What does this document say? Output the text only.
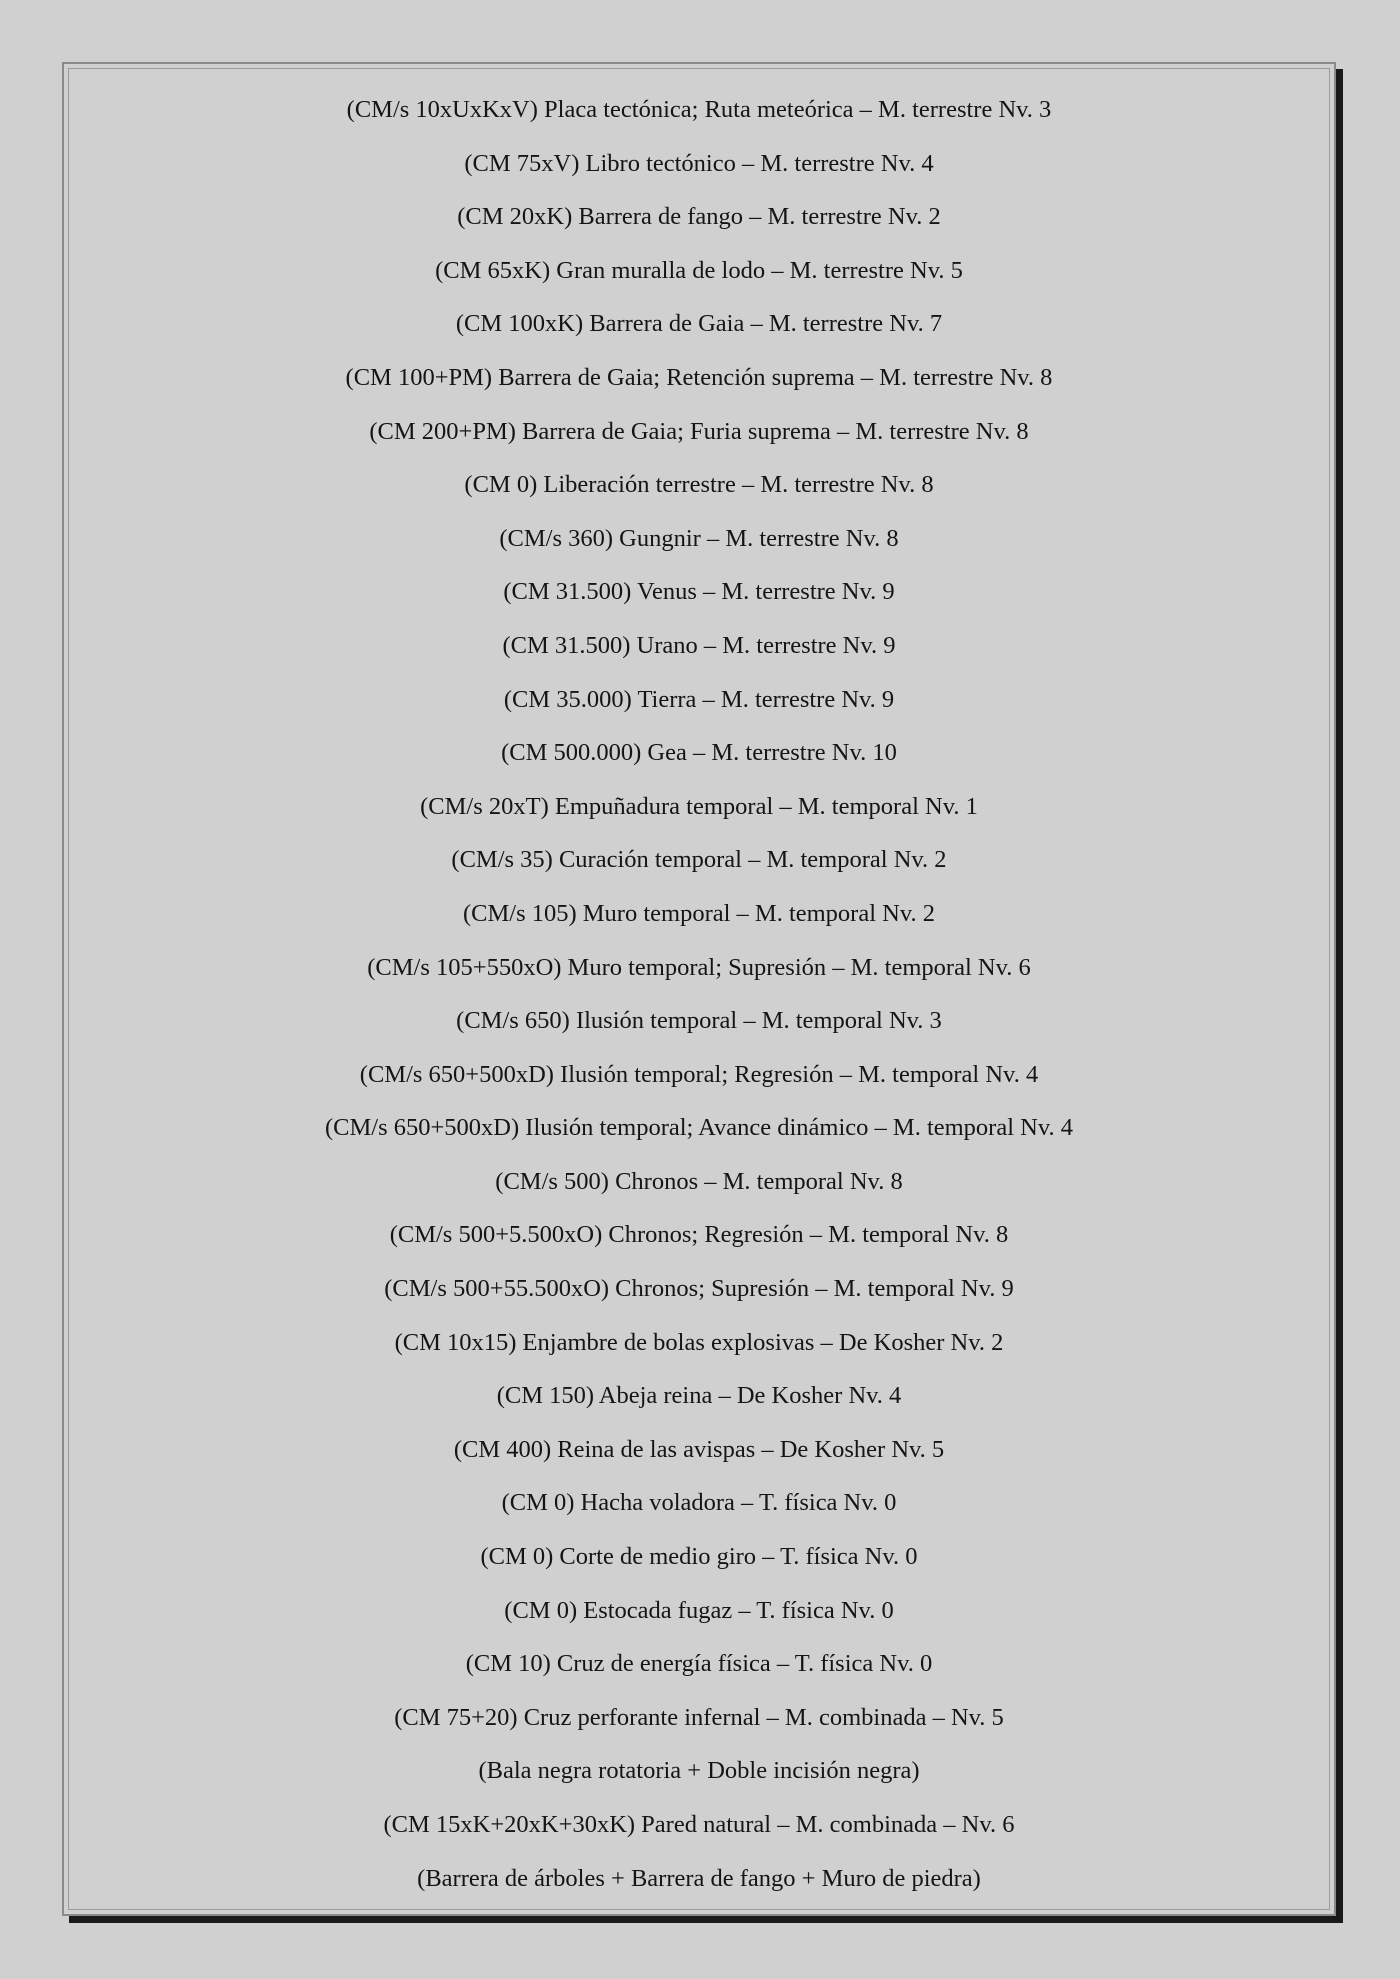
(CM/s 10xUxKxV) Placa tectónica; Ruta meteórica – M. terrestre Nv. 3
(CM 75xV) Libro tectónico – M. terrestre Nv. 4
(CM 20xK) Barrera de fango – M. terrestre Nv. 2
(CM 65xK) Gran muralla de lodo – M. terrestre Nv. 5
(CM 100xK) Barrera de Gaia – M. terrestre Nv. 7
(CM 100+PM) Barrera de Gaia; Retención suprema – M. terrestre Nv. 8
(CM 200+PM) Barrera de Gaia; Furia suprema – M. terrestre Nv. 8
(CM 0) Liberación terrestre – M. terrestre Nv. 8
(CM/s 360) Gungnir – M. terrestre Nv. 8
(CM 31.500) Venus – M. terrestre Nv. 9
(CM 31.500) Urano – M. terrestre Nv. 9
(CM 35.000) Tierra – M. terrestre Nv. 9
(CM 500.000) Gea – M. terrestre Nv. 10
(CM/s 20xT) Empuñadura temporal – M. temporal Nv. 1
(CM/s 35) Curación temporal – M. temporal Nv. 2
(CM/s 105) Muro temporal – M. temporal Nv. 2
(CM/s 105+550xO) Muro temporal; Supresión – M. temporal Nv. 6
(CM/s 650) Ilusión temporal – M. temporal Nv. 3
(CM/s 650+500xD) Ilusión temporal; Regresión – M. temporal Nv. 4
(CM/s 650+500xD) Ilusión temporal; Avance dinámico – M. temporal Nv. 4
(CM/s 500) Chronos – M. temporal Nv. 8
(CM/s 500+5.500xO) Chronos; Regresión – M. temporal Nv. 8
(CM/s 500+55.500xO) Chronos; Supresión – M. temporal Nv. 9
(CM 10x15) Enjambre de bolas explosivas – De Kosher Nv. 2
(CM 150) Abeja reina – De Kosher Nv. 4
(CM 400) Reina de las avispas – De Kosher Nv. 5
(CM 0) Hacha voladora – T. física Nv. 0
(CM 0) Corte de medio giro – T. física Nv. 0
(CM 0) Estocada fugaz – T. física Nv. 0
(CM 10) Cruz de energía física – T. física Nv. 0
(CM 75+20) Cruz perforante infernal – M. combinada – Nv. 5
(Bala negra rotatoria + Doble incisión negra)
(CM 15xK+20xK+30xK) Pared natural – M. combinada – Nv. 6
(Barrera de árboles + Barrera de fango + Muro de piedra)
